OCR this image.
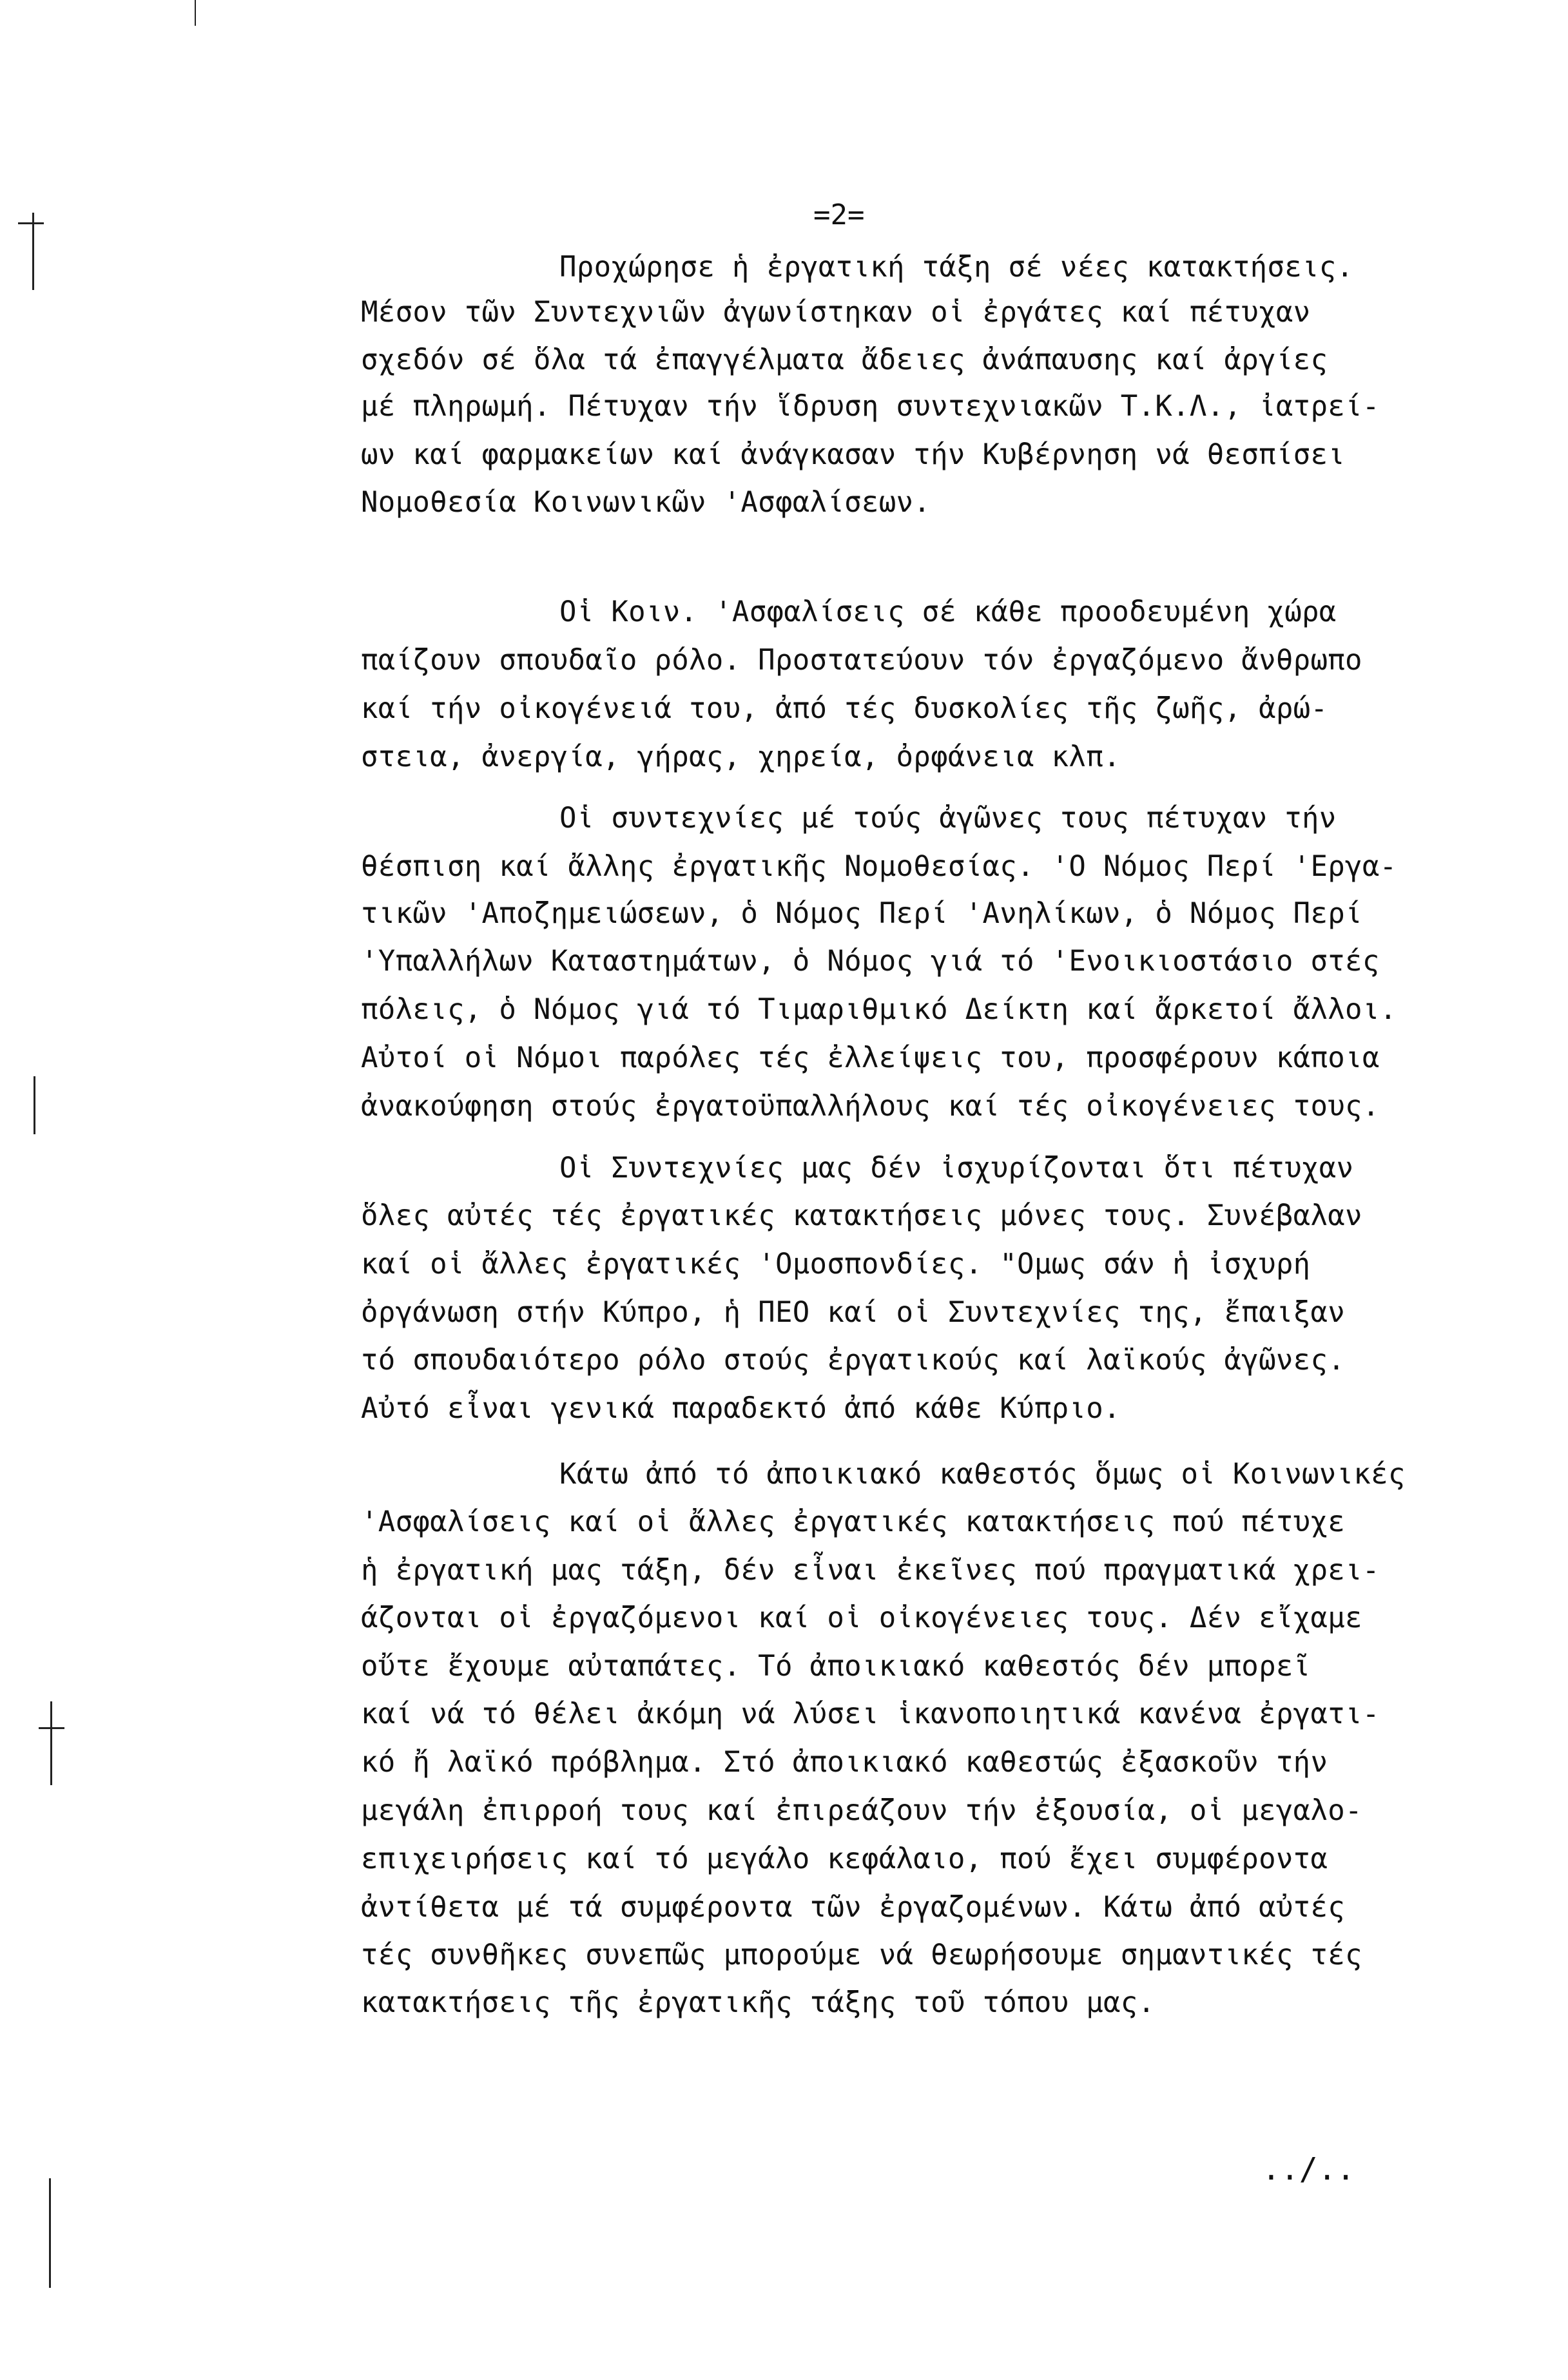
=2=
Προχώρησε ἡ ἐργατική τάξη σέ νέες κατακτήσεις.
Μέσον τῶν Συντεχνιῶν ἀγωνίστηκαν οἱ ἐργάτες καί πέτυχαν
σχεδόν σέ ὅλα τά ἐπαγγέλματα ἄδειες ἀνάπαυσης καί ἀργίες
μέ πληρωμή. Πέτυχαν τήν ἵδρυση συντεχνιακῶν Τ.Κ.Λ., ἰατρεί-
ων καί φαρμακείων καί ἀνάγκασαν τήν Κυβέρνηση νά θεσπίσει
Νομοθεσία Κοινωνικῶν 'Ασφαλίσεων.
Οἱ Κοιν. 'Ασφαλίσεις σέ κάθε προοδευμένη χώρα
παίζουν σπουδαῖο ρόλο. Προστατεύουν τόν ἐργαζόμενο ἄνθρωπο
καί τήν οἰκογένειά του, ἀπό τές δυσκολίες τῆς ζωῆς, ἀρώ-
στεια, ἀνεργία, γήρας, χηρεία, ὀρφάνεια κλπ.
Οἱ συντεχνίες μέ τούς ἀγῶνες τους πέτυχαν τήν
θέσπιση καί ἄλλης ἐργατικῆς Νομοθεσίας. 'Ο Νόμος Περί 'Εργα-
τικῶν 'Αποζημειώσεων, ὁ Νόμος Περί 'Ανηλίκων, ὁ Νόμος Περί
'Υπαλλήλων Καταστημάτων, ὁ Νόμος γιά τό 'Ενοικιοστάσιο στές
πόλεις, ὁ Νόμος γιά τό Τιμαριθμικό Δείκτη καί ἄρκετοί ἄλλοι.
Αὐτοί οἱ Νόμοι παρόλες τές ἐλλείψεις του, προσφέρουν κάποια
ἀνακούφηση στούς ἐργατοϋπαλλήλους καί τές οἰκογένειες τους.
Οἱ Συντεχνίες μας δέν ἰσχυρίζονται ὅτι πέτυχαν
ὅλες αὐτές τές ἐργατικές κατακτήσεις μόνες τους. Συνέβαλαν
καί οἱ ἄλλες ἐργατικές 'Ομοσπονδίες. "Ομως σάν ἡ ἰσχυρή
ὀργάνωση στήν Κύπρο, ἡ ΠΕΟ καί οἱ Συντεχνίες της, ἔπαιξαν
τό σπουδαιότερο ρόλο στούς ἐργατικούς καί λαϊκούς ἀγῶνες.
Αὐτό εἶναι γενικά παραδεκτό ἀπό κάθε Κύπριο.
Κάτω ἀπό τό ἀποικιακό καθεστός ὅμως οἱ Κοινωνικές
'Ασφαλίσεις καί οἱ ἄλλες ἐργατικές κατακτήσεις πού πέτυχε
ἡ ἐργατική μας τάξη, δέν εἶναι ἐκεῖνες πού πραγματικά χρει-
άζονται οἱ ἐργαζόμενοι καί οἱ οἰκογένειες τους. Δέν εἴχαμε
οὔτε ἔχουμε αὐταπάτες. Τό ἀποικιακό καθεστός δέν μπορεῖ
καί νά τό θέλει ἀκόμη νά λύσει ἱκανοποιητικά κανένα ἐργατι-
κό ἤ λαϊκό πρόβλημα. Στό ἀποικιακό καθεστώς ἐξασκοῦν τήν
μεγάλη ἐπιρροή τους καί ἐπιρεάζουν τήν ἐξουσία, οἱ μεγαλο-
επιχειρήσεις καί τό μεγάλο κεφάλαιο, πού ἔχει συμφέροντα
ἀντίθετα μέ τά συμφέροντα τῶν ἐργαζομένων. Κάτω ἀπό αὐτές
τές συνθῆκες συνεπῶς μπορούμε νά θεωρήσουμε σημαντικές τές
κατακτήσεις τῆς ἐργατικῆς τάξης τοῦ τόπου μας.
../..
